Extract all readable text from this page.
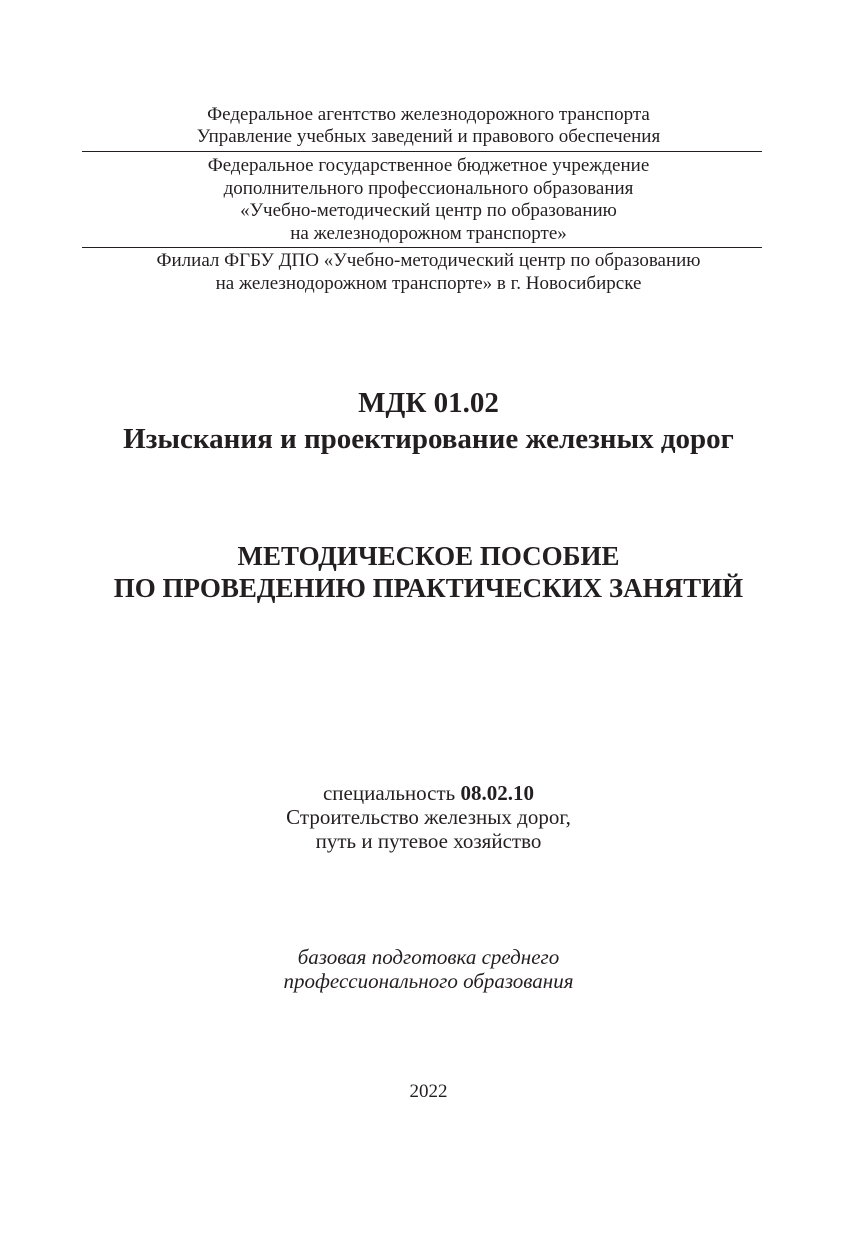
Федеральное агентство железнодорожного транспорта
Управление учебных заведений и правового обеспечения
Федеральное государственное бюджетное учреждение
дополнительного профессионального образования
«Учебно-методический центр по образованию
на железнодорожном транспорте»
Филиал ФГБУ ДПО «Учебно-методический центр по образованию
на железнодорожном транспорте» в г. Новосибирске
МДК 01.02
Изыскания и проектирование железных дорог
МЕТОДИЧЕСКОЕ ПОСОБИЕ
ПО ПРОВЕДЕНИЮ ПРАКТИЧЕСКИХ ЗАНЯТИЙ
специальность 08.02.10
Строительство железных дорог,
путь и путевое хозяйство
базовая подготовка среднего
профессионального образования
2022
